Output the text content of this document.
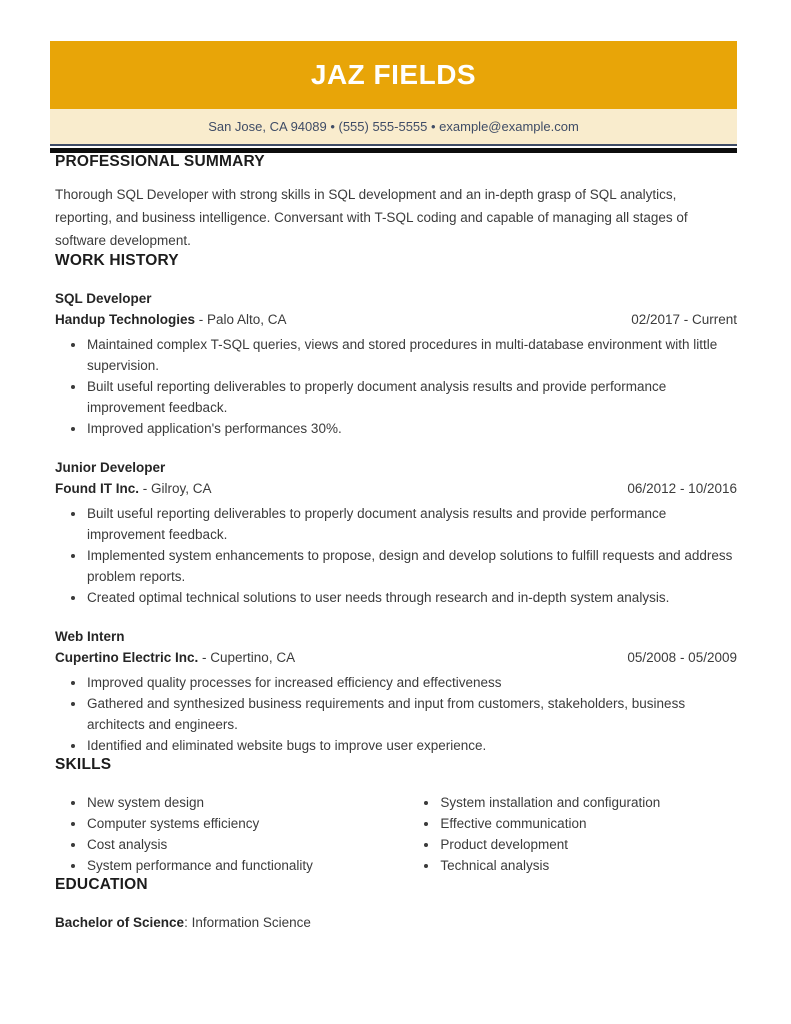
JAZ FIELDS
San Jose, CA 94089 • (555) 555-5555 • example@example.com
PROFESSIONAL SUMMARY

Thorough SQL Developer with strong skills in SQL development and an in-depth grasp of SQL analytics, reporting, and business intelligence. Conversant with T-SQL coding and capable of managing all stages of software development.

WORK HISTORY
SQL Developer
Handup Technologies - Palo Alto, CA	02/2017 - Current
• Maintained complex T-SQL queries, views and stored procedures in multi-database environment with little supervision.
• Built useful reporting deliverables to properly document analysis results and provide performance improvement feedback.
• Improved application's performances 30%.
Junior Developer
Found IT Inc. - Gilroy, CA	06/2012 - 10/2016
• Built useful reporting deliverables to properly document analysis results and provide performance improvement feedback.
• Implemented system enhancements to propose, design and develop solutions to fulfill requests and address problem reports.
• Created optimal technical solutions to user needs through research and in-depth system analysis.
Web Intern
Cupertino Electric Inc. - Cupertino, CA	05/2008 - 05/2009
• Improved quality processes for increased efficiency and effectiveness
• Gathered and synthesized business requirements and input from customers, stakeholders, business architects and engineers.
• Identified and eliminated website bugs to improve user experience.
SKILLS
• New system design
• Computer systems efficiency
• Cost analysis
• System performance and functionality
• System installation and configuration
• Effective communication
• Product development
• Technical analysis
EDUCATION
Bachelor of Science: Information Science
